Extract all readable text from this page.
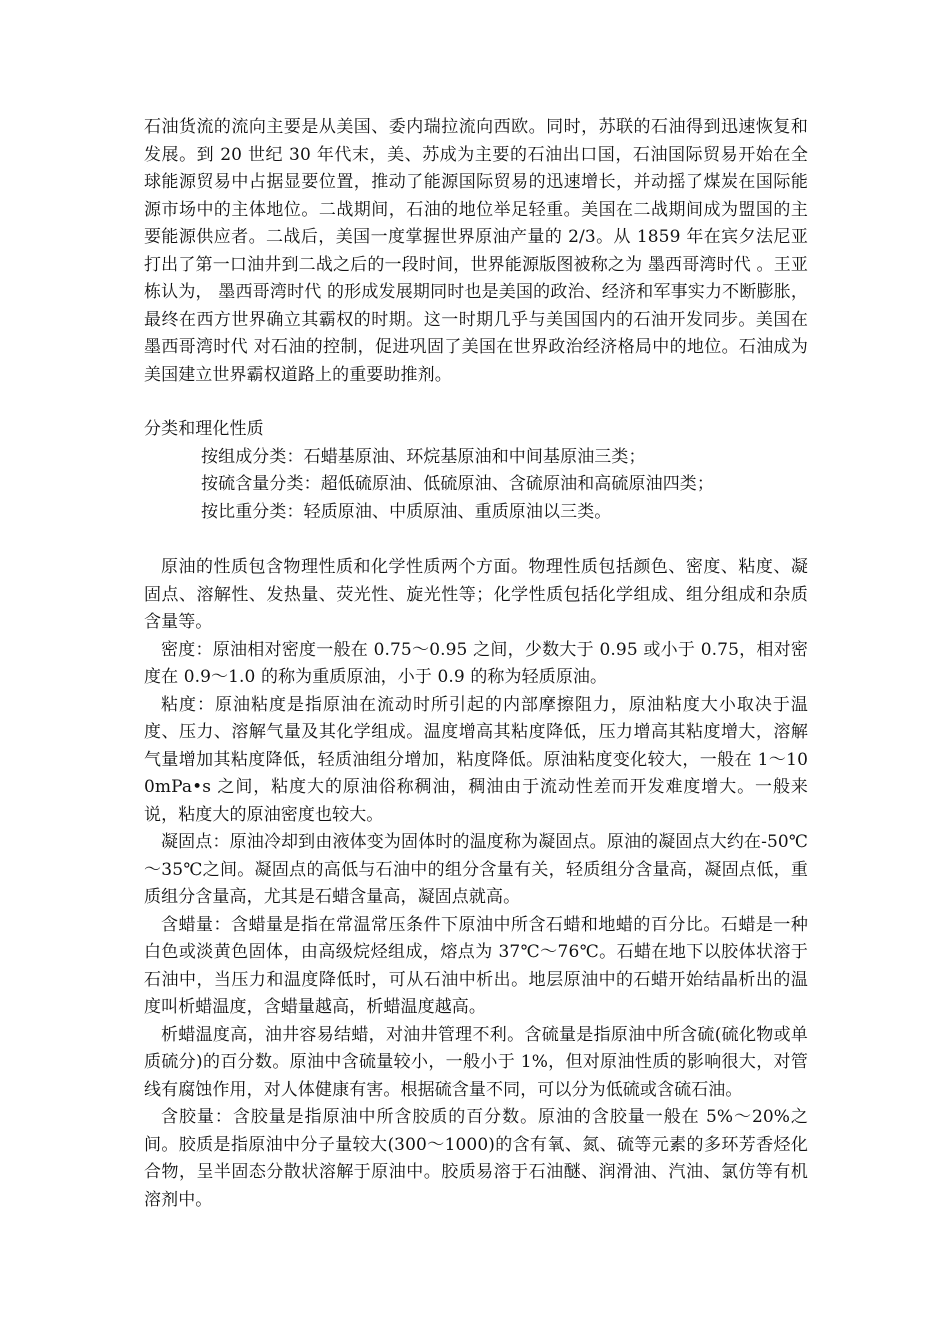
石油货流的流向主要是从美国、委内瑞拉流向西欧。同时，苏联的石油得到迅速恢复和发展。到 20 世纪 30 年代末，美、苏成为主要的石油出口国，石油国际贸易开始在全球能源贸易中占据显要位置，推动了能源国际贸易的迅速增长，并动摇了煤炭在国际能源市场中的主体地位。二战期间，石油的地位举足轻重。美国在二战期间成为盟国的主要能源供应者。二战后，美国一度掌握世界原油产量的 2/3。从 1859 年在宾夕法尼亚打出了第一口油井到二战之后的一段时间，世界能源版图被称之为 墨西哥湾时代 。王亚栋认为， 墨西哥湾时代 的形成发展期同时也是美国的政治、经济和军事实力不断膨胀，最终在西方世界确立其霸权的时期。这一时期几乎与美国国内的石油开发同步。美国在 墨西哥湾时代 对石油的控制，促进巩固了美国在世界政治经济格局中的地位。石油成为美国建立世界霸权道路上的重要助推剂。

分类和理化性质

按组成分类：石蜡基原油、环烷基原油和中间基原油三类；
按硫含量分类：超低硫原油、低硫原油、含硫原油和高硫原油四类；
按比重分类：轻质原油、中质原油、重质原油以三类。

原油的性质包含物理性质和化学性质两个方面。物理性质包括颜色、密度、粘度、凝固点、溶解性、发热量、荧光性、旋光性等；化学性质包括化学组成、组分组成和杂质含量等。

密度：原油相对密度一般在 0.75～0.95 之间，少数大于 0.95 或小于 0.75，相对密度在 0.9～1.0 的称为重质原油，小于 0.9 的称为轻质原油。

粘度：原油粘度是指原油在流动时所引起的内部摩擦阻力，原油粘度大小取决于温度、压力、溶解气量及其化学组成。温度增高其粘度降低，压力增高其粘度增大，溶解气量增加其粘度降低，轻质油组分增加，粘度降低。原油粘度变化较大，一般在 1～100mPa•s 之间，粘度大的原油俗称稠油，稠油由于流动性差而开发难度增大。一般来说，粘度大的原油密度也较大。

凝固点：原油冷却到由液体变为固体时的温度称为凝固点。原油的凝固点大约在-50℃～35℃之间。凝固点的高低与石油中的组分含量有关，轻质组分含量高，凝固点低，重质组分含量高，尤其是石蜡含量高，凝固点就高。

含蜡量：含蜡量是指在常温常压条件下原油中所含石蜡和地蜡的百分比。石蜡是一种白色或淡黄色固体，由高级烷烃组成，熔点为 37℃～76℃。石蜡在地下以胶体状溶于石油中，当压力和温度降低时，可从石油中析出。地层原油中的石蜡开始结晶析出的温度叫析蜡温度，含蜡量越高，析蜡温度越高。

析蜡温度高，油井容易结蜡，对油井管理不利。含硫量是指原油中所含硫(硫化物或单质硫分)的百分数。原油中含硫量较小，一般小于 1%，但对原油性质的影响很大，对管线有腐蚀作用，对人体健康有害。根据硫含量不同，可以分为低硫或含硫石油。

含胶量：含胶量是指原油中所含胶质的百分数。原油的含胶量一般在 5%～20%之间。胶质是指原油中分子量较大(300～1000)的含有氧、氮、硫等元素的多环芳香烃化合物，呈半固态分散状溶解于原油中。胶质易溶于石油醚、润滑油、汽油、氯仿等有机溶剂中。
